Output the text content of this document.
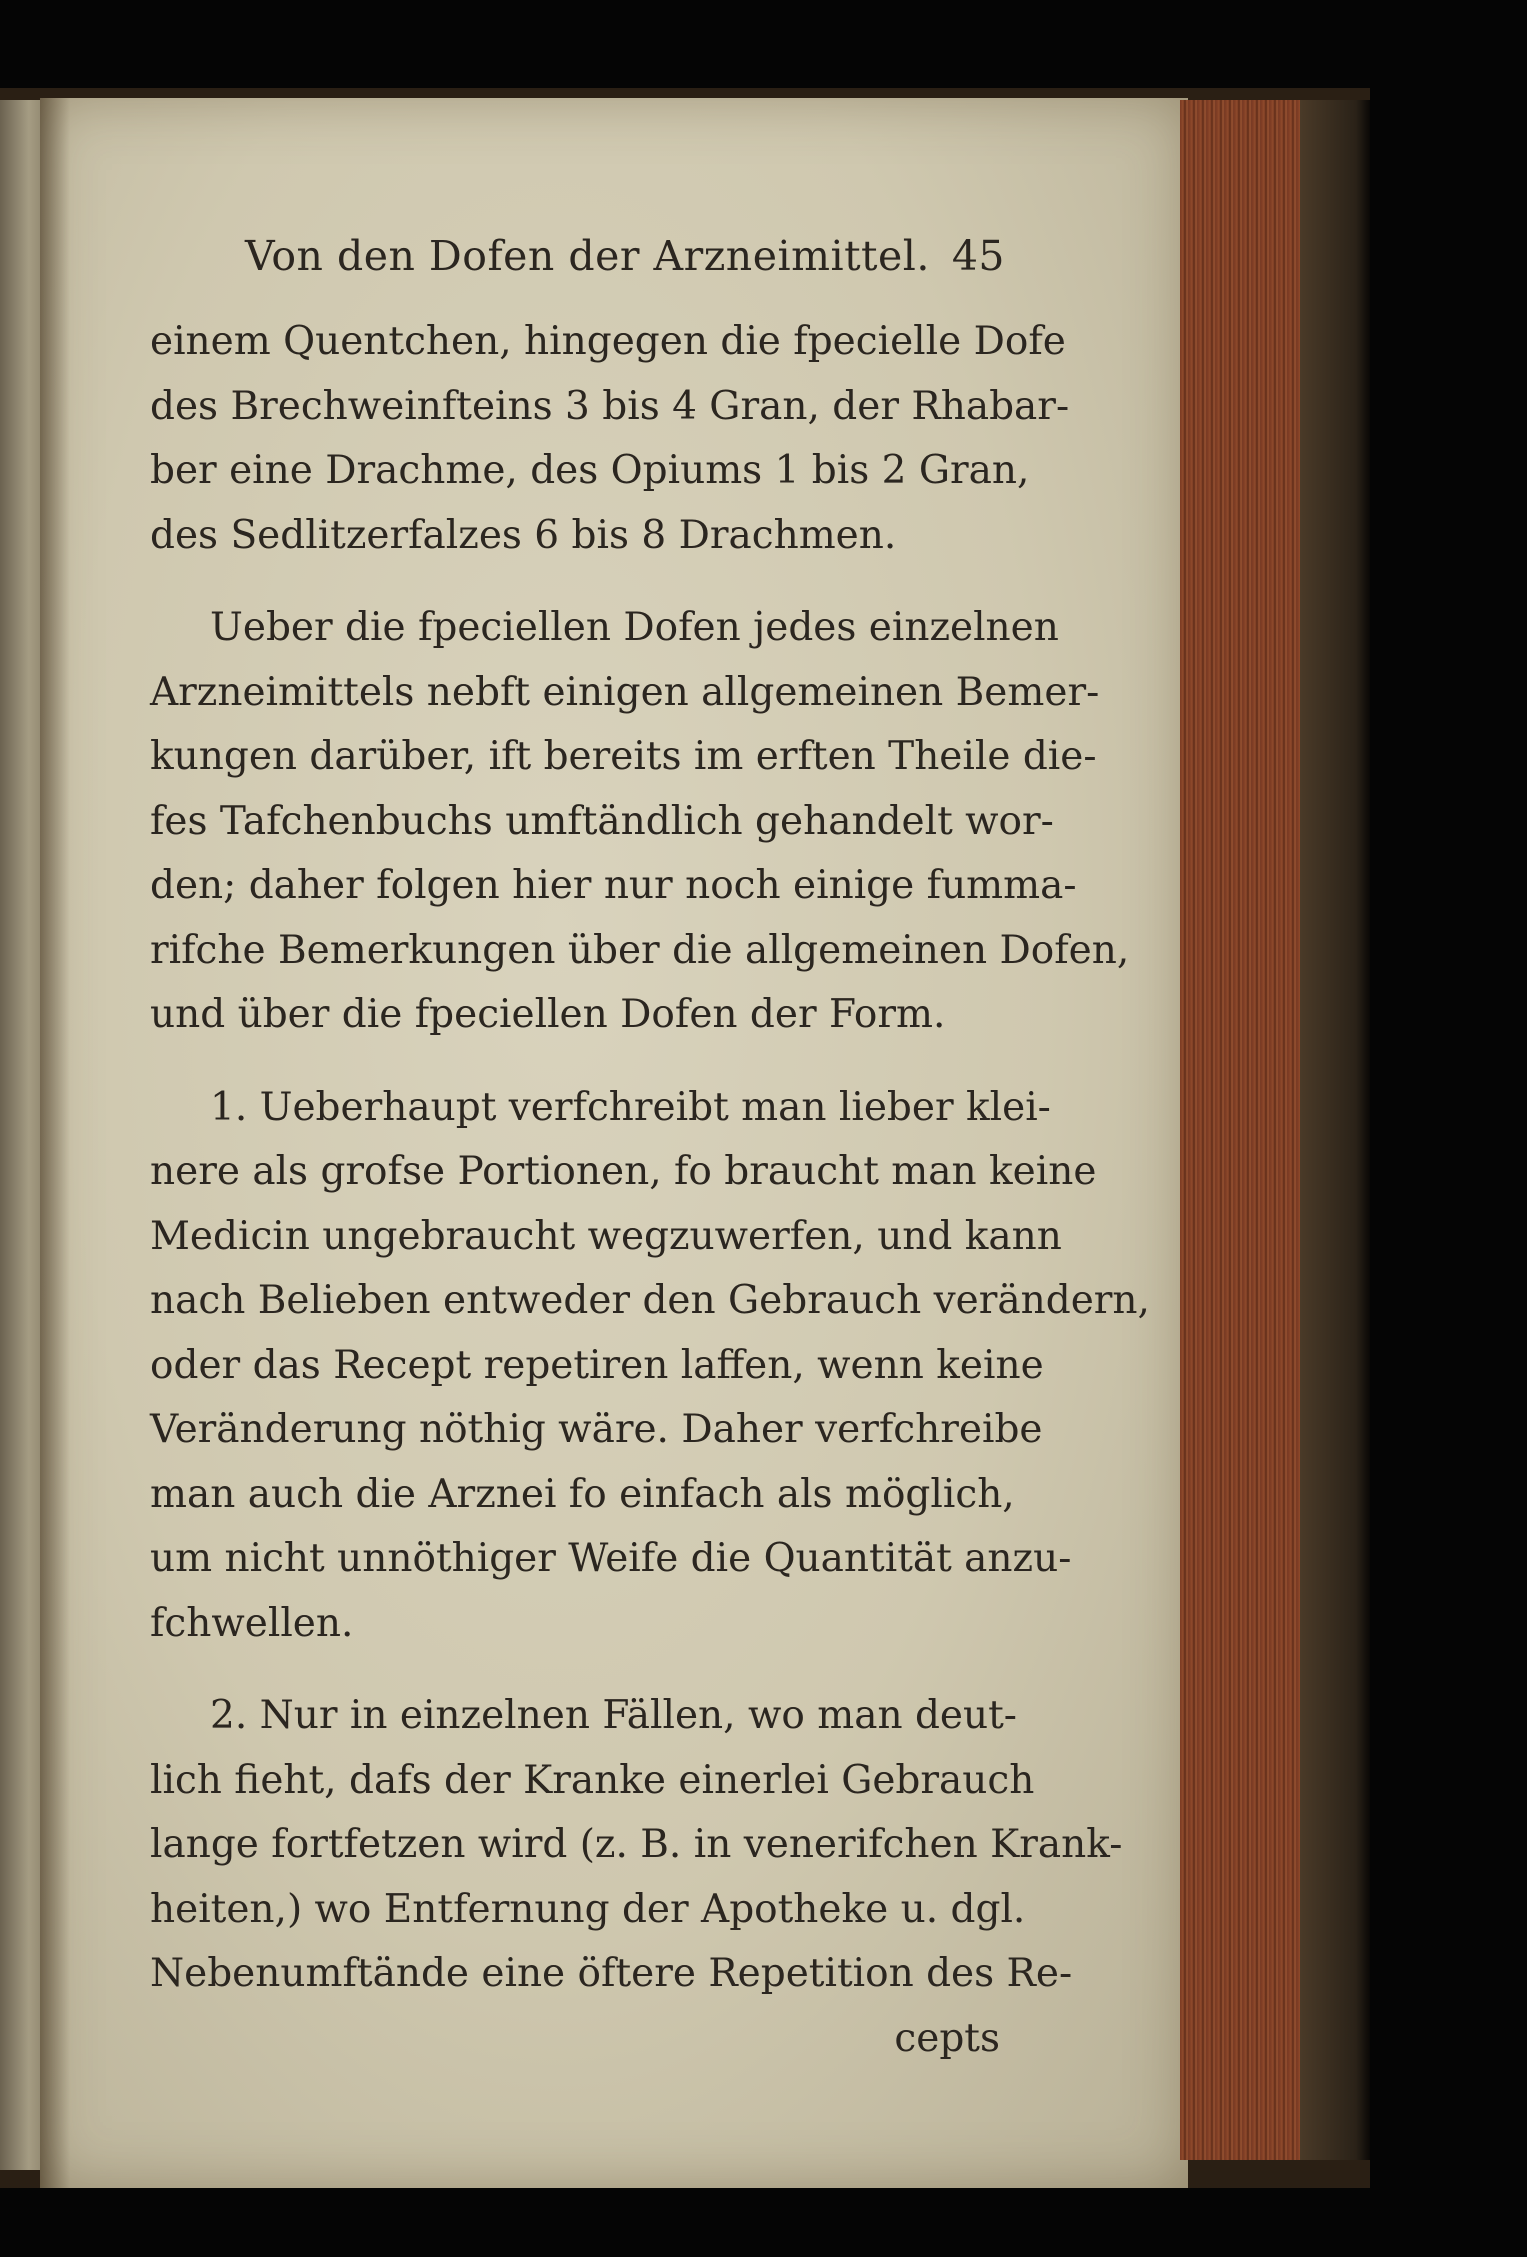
Von den Dofen der Arzneimittel. 45
einem Quentchen, hingegen die fpecielle Dofe
des Brechweinfteins 3 bis 4 Gran, der Rhabar-
ber eine Drachme, des Opiums 1 bis 2 Gran,
des Sedlitzerfalzes 6 bis 8 Drachmen.
Ueber die fpeciellen Dofen jedes einzelnen
Arzneimittels nebft einigen allgemeinen Bemer-
kungen darüber, ift bereits im erften Theile die-
fes Tafchenbuchs umftändlich gehandelt wor-
den; daher folgen hier nur noch einige fumma-
rifche Bemerkungen über die allgemeinen Dofen,
und über die fpeciellen Dofen der Form.
1. Ueberhaupt verfchreibt man lieber klei-
nere als grofse Portionen, fo braucht man keine
Medicin ungebraucht wegzuwerfen, und kann
nach Belieben entweder den Gebrauch verändern,
oder das Recept repetiren laffen, wenn keine
Veränderung nöthig wäre. Daher verfchreibe
man auch die Arznei fo einfach als möglich,
um nicht unnöthiger Weife die Quantität anzu-
fchwellen.
2. Nur in einzelnen Fällen, wo man deut-
lich fieht, dafs der Kranke einerlei Gebrauch
lange fortfetzen wird (z. B. in venerifchen Krank-
heiten,) wo Entfernung der Apotheke u. dgl.
Nebenumftände eine öftere Repetition des Re-
cepts
